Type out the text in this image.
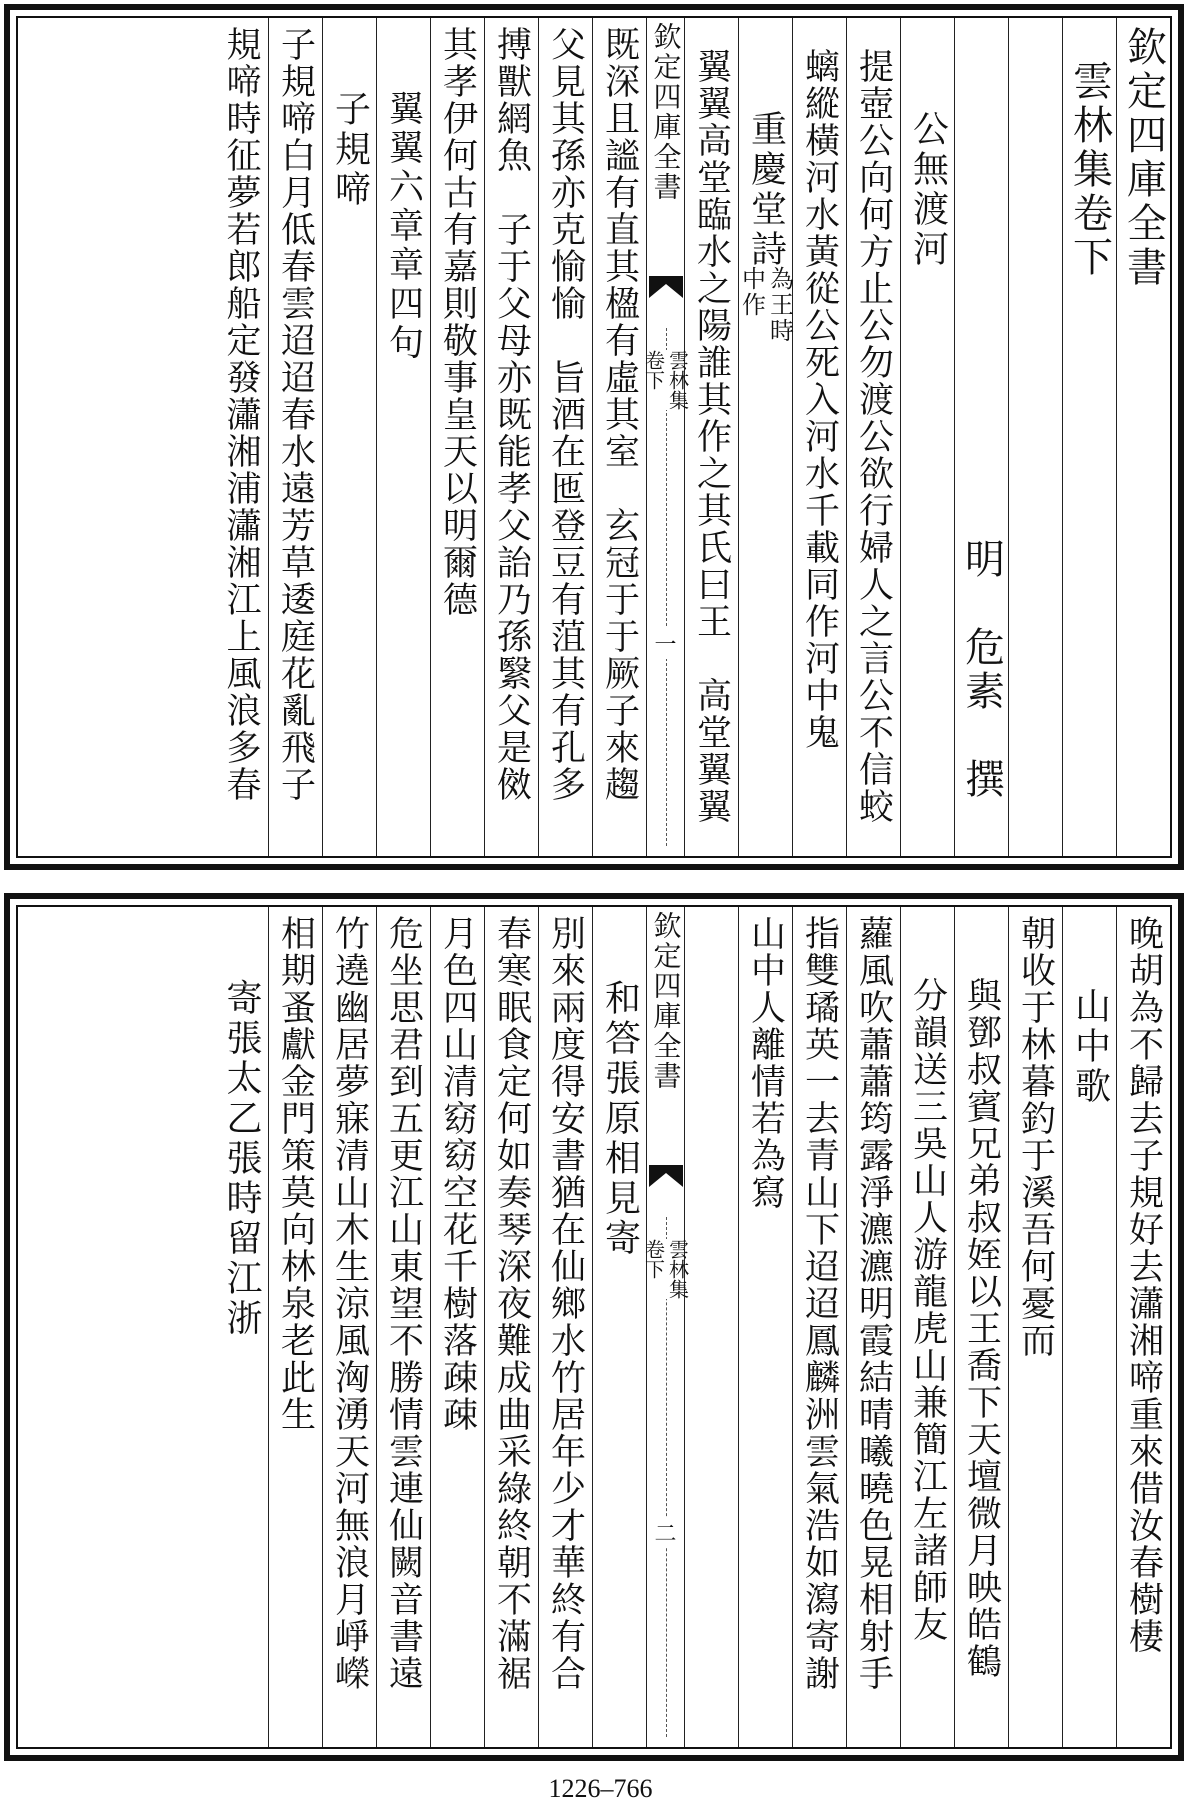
欽定四庫全書
雲林集卷下
明　危素　撰
公無渡河
提壺公向何方止公勿渡公欲行婦人之言公不信蛟
螭縱橫河水黃從公死入河水千載同作河中鬼
重慶堂詩
為王時
中作
翼翼高堂臨水之陽誰其作之其氏曰王　高堂翼翼
欽定四庫全書
雲林集
卷下
一
既深且謐有直其楹有虛其室　玄冠于于厥子來趨
父見其孫亦克愉愉　旨酒在匜登豆有菹其有孔多
搏獸網魚　子于父母亦既能孝父詒乃孫繄父是傚
其孝伊何古有嘉則敬事皇天以明爾德
翼翼六章章四句
子規啼
子規啼白月低春雲迢迢春水遠芳草逶庭花亂飛子
規啼時征夢若郎船定發瀟湘浦瀟湘江上風浪多春
晚胡為不歸去子規好去瀟湘啼重來借汝春樹棲
山中歌
朝收于林暮釣于溪吾何憂而
與鄧叔賓兄弟叔姪以王喬下天壇微月映皓鶴
分韻送三吳山人游龍虎山兼簡江左諸師友
蘿風吹蕭蕭筠露淨瀌瀌明霞結晴曦曉色晃相射手
指雙璚英一去青山下迢迢鳳麟洲雲氣浩如瀉寄謝
山中人離情若為寫
欽定四庫全書
雲林集
卷下
二
和答張原相見寄
別來兩度得安書猶在仙鄉水竹居年少才華終有合
春寒眠食定何如奏琴深夜難成曲采綠終朝不滿裾
月色四山清窈窈空花千樹落疎疎
危坐思君到五更江山東望不勝情雲連仙闕音書遠
竹遶幽居夢寐清山木生涼風洶湧天河無浪月崢嶸
相期蚤獻金門策莫向林泉老此生
寄張太乙張時留江浙
1226–766
